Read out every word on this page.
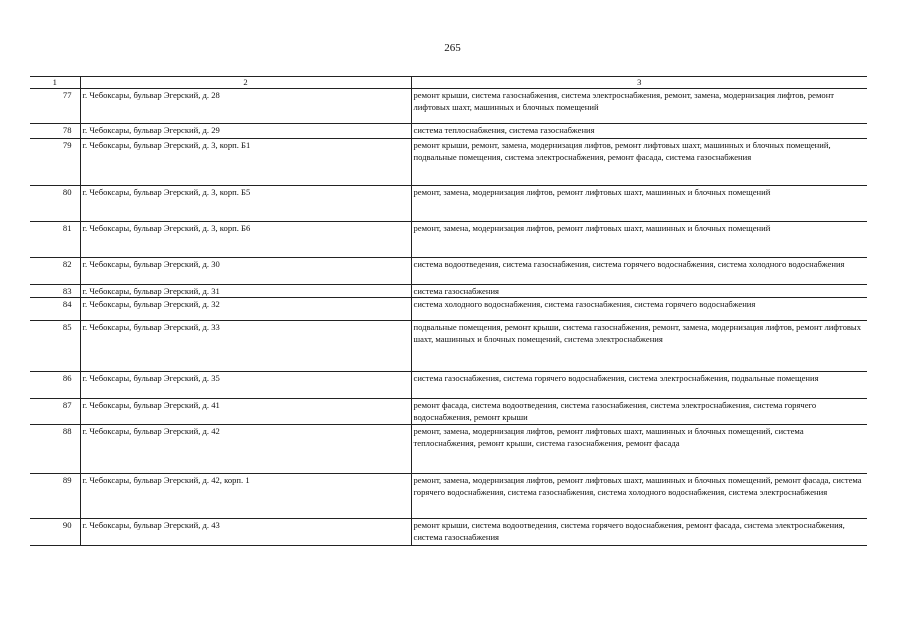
265
1	2	3
77	г. Чебоксары, бульвар Эгерский, д. 28	ремонт крыши, система газоснабжения, система электроснабжения, ремонт, замена, модернизация лифтов, ремонт лифтовых шахт, машинных и блочных помещений
78	г. Чебоксары, бульвар Эгерский, д. 29	система теплоснабжения, система газоснабжения
79	г. Чебоксары, бульвар Эгерский, д. 3, корп. Б1	ремонт крыши, ремонт, замена, модернизация лифтов, ремонт лифтовых шахт, машинных и блочных помещений, подвальные помещения, система электроснабжения, ремонт фасада, система газоснабжения
80	г. Чебоксары, бульвар Эгерский, д. 3, корп. Б5	ремонт, замена, модернизация лифтов, ремонт лифтовых шахт, машинных и блочных помещений
81	г. Чебоксары, бульвар Эгерский, д. 3, корп. Б6	ремонт, замена, модернизация лифтов, ремонт лифтовых шахт, машинных и блочных помещений
82	г. Чебоксары, бульвар Эгерский, д. 30	система водоотведения, система газоснабжения, система горячего водоснабжения, система холодного водоснабжения
83	г. Чебоксары, бульвар Эгерский, д. 31	система газоснабжения
84	г. Чебоксары, бульвар Эгерский, д. 32	система холодного водоснабжения, система газоснабжения, система горячего водоснабжения
85	г. Чебоксары, бульвар Эгерский, д. 33	подвальные помещения, ремонт крыши, система газоснабжения, ремонт, замена, модернизация лифтов, ремонт лифтовых шахт, машинных и блочных помещений, система электроснабжения
86	г. Чебоксары, бульвар Эгерский, д. 35	система газоснабжения, система горячего водоснабжения, система электроснабжения, подвальные помещения
87	г. Чебоксары, бульвар Эгерский, д. 41	ремонт фасада, система водоотведения, система газоснабжения, система электроснабжения, система горячего водоснабжения, ремонт крыши
88	г. Чебоксары, бульвар Эгерский, д. 42	ремонт, замена, модернизация лифтов, ремонт лифтовых шахт, машинных и блочных помещений, система теплоснабжения, ремонт крыши, система газоснабжения, ремонт фасада
89	г. Чебоксары, бульвар Эгерский, д. 42, корп. 1	ремонт, замена, модернизация лифтов, ремонт лифтовых шахт, машинных и блочных помещений, ремонт фасада, система горячего водоснабжения, система газоснабжения, система холодного водоснабжения, система электроснабжения
90	г. Чебоксары, бульвар Эгерский, д. 43	ремонт крыши, система водоотведения, система горячего водоснабжения, ремонт фасада, система электроснабжения, система газоснабжения
